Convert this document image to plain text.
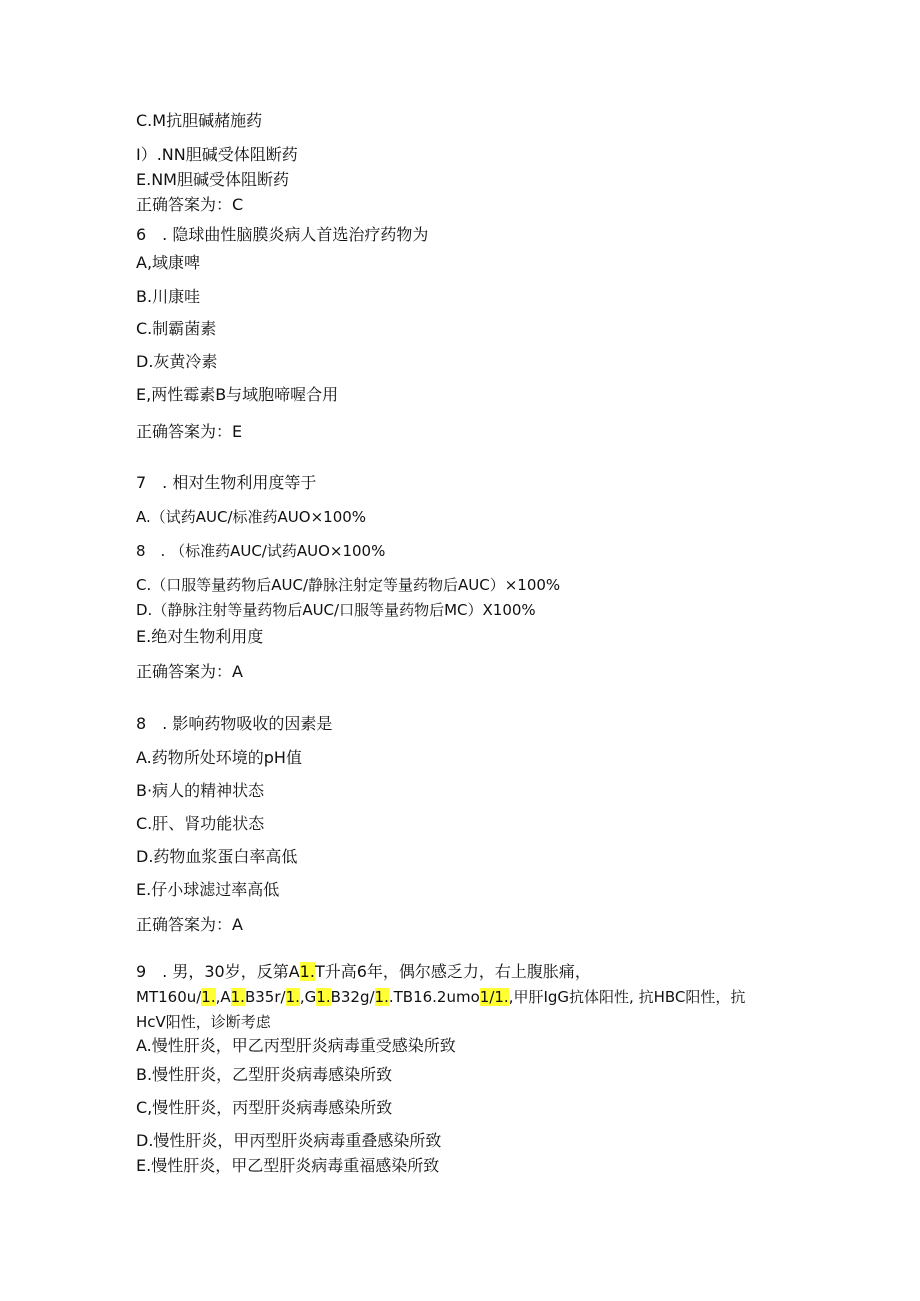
C.M抗胆碱赭施药
I）.NN胆碱受体阻断药
E.NM胆碱受体阻断药
正确答案为：C
6　. 隐球曲性脑膜炎病人首选治疗药物为
A,域康啤
B.川康哇
C.制霸菌素
D.灰黄冷素
E,两性霉素B与域胞啼喔合用
正确答案为：E
7　. 相对生物利用度等于
A.（试药AUC/标准药AUO×100%
8　. （标准药AUC/试药AUO×100%
C.（口服等量药物后AUC/静脉注射定等量药物后AUC）×100%
D.（静脉注射等量药物后AUC/口服等量药物后MC）X100%
E.绝对生物利用度
正确答案为：A
8　. 影响药物吸收的因素是
A.药物所处环境的pH值
B·病人的精神状态
C.肝、肾功能状态
D.药物血浆蛋白率高低
E.仔小球滤过率高低
正确答案为：A
9　. 男，30岁，反第A1.T升高6年，偶尔感乏力，右上腹胀痛，
MT160u/1.,A1.B35r/1.,G1.B32g/1..TB16.2umo1/1.,甲肝IgG抗体阳性, 抗HBC阳性，抗
HcV阳性，诊断考虑
A.慢性肝炎，甲乙丙型肝炎病毒重受感染所致
B.慢性肝炎，乙型肝炎病毒感染所致
C,慢性肝炎，丙型肝炎病毒感染所致
D.慢性肝炎，甲丙型肝炎病毒重叠感染所致
E.慢性肝炎，甲乙型肝炎病毒重福感染所致
